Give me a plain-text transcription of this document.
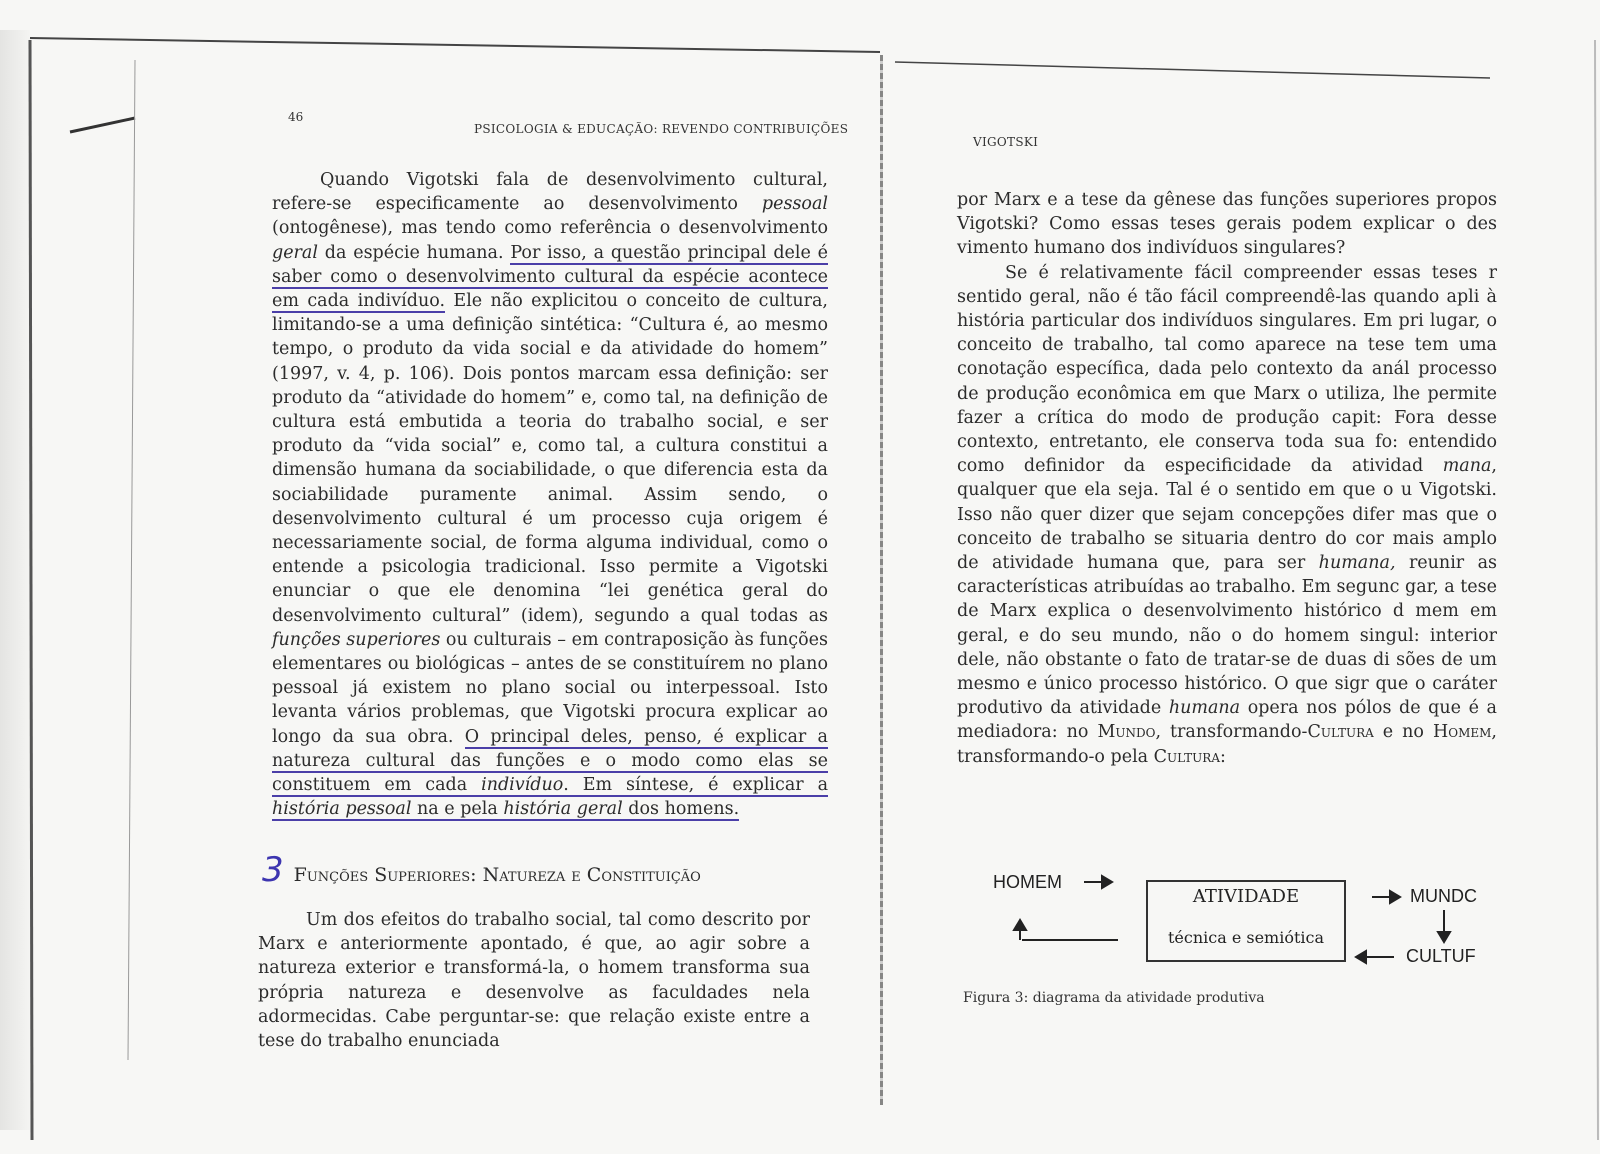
46
PSICOLOGIA & EDUCAÇÃO: REVENDO CONTRIBUIÇÕES

Quando Vigotski fala de desenvolvimento cultural, refere-se especificamente ao desenvolvimento pessoal (ontogênese), mas tendo como referência o desenvolvimento geral da espécie humana. Por isso, a questão principal dele é saber como o desenvolvimento cultural da espécie acontece em cada indivíduo. Ele não explicitou o conceito de cultura, limitando-se a uma definição sintética: “Cultura é, ao mesmo tempo, o produto da vida social e da atividade do homem” (1997, v. 4, p. 106). Dois pontos marcam essa definição: ser produto da “atividade do homem” e, como tal, na definição de cultura está embutida a teoria do trabalho social, e ser produto da “vida social” e, como tal, a cultura constitui a dimensão humana da sociabilidade, o que diferencia esta da sociabilidade puramente animal. Assim sendo, o desenvolvimento cultural é um processo cuja origem é necessariamente social, de forma alguma individual, como o entende a psicologia tradicional. Isso permite a Vigotski enunciar o que ele denomina “lei genética geral do desenvolvimento cultural” (idem), segundo a qual todas as funções superiores ou culturais – em contraposição às funções elementares ou biológicas – antes de se constituírem no plano pessoal já existem no plano social ou interpessoal. Isto levanta vários problemas, que Vigotski procura explicar ao longo da sua obra. O principal deles, penso, é explicar a natureza cultural das funções e o modo como elas se constituem em cada indivíduo. Em síntese, é explicar a história pessoal na e pela história geral dos homens.

3 Funções Superiores: Natureza e Constituição

Um dos efeitos do trabalho social, tal como descrito por Marx e anteriormente apontado, é que, ao agir sobre a natureza exterior e transformá-la, o homem transforma sua própria natureza e desenvolve as faculdades nela adormecidas. Cabe perguntar-se: que relação existe entre a tese do trabalho enunciada

VIGOTSKI

por Marx e a tese da gênese das funções superiores propos Vigotski? Como essas teses gerais podem explicar o des vimento humano dos indivíduos singulares?

Se é relativamente fácil compreender essas teses r sentido geral, não é tão fácil compreendê-las quando apli à história particular dos indivíduos singulares. Em pri lugar, o conceito de trabalho, tal como aparece na tese tem uma conotação específica, dada pelo contexto da anál processo de produção econômica em que Marx o utiliza, lhe permite fazer a crítica do modo de produção capit: Fora desse contexto, entretanto, ele conserva toda sua fo: entendido como definidor da especificidade da atividad mana, qualquer que ela seja. Tal é o sentido em que o u Vigotski. Isso não quer dizer que sejam concepções difer mas que o conceito de trabalho se situaria dentro do cor mais amplo de atividade humana que, para ser humana, reunir as características atribuídas ao trabalho. Em segunc gar, a tese de Marx explica o desenvolvimento histórico d mem em geral, e do seu mundo, não o do homem singul: interior dele, não obstante o fato de tratar-se de duas di sões de um mesmo e único processo histórico. O que sigr que o caráter produtivo da atividade humana opera nos pólos de que é a mediadora: no Mundo, transformando-Cultura e no Homem, transformando-o pela Cultura:

HOMEM
ATIVIDADE
técnica e semiótica
MUNDC
CULTUF
Figura 3: diagrama da atividade produtiva
